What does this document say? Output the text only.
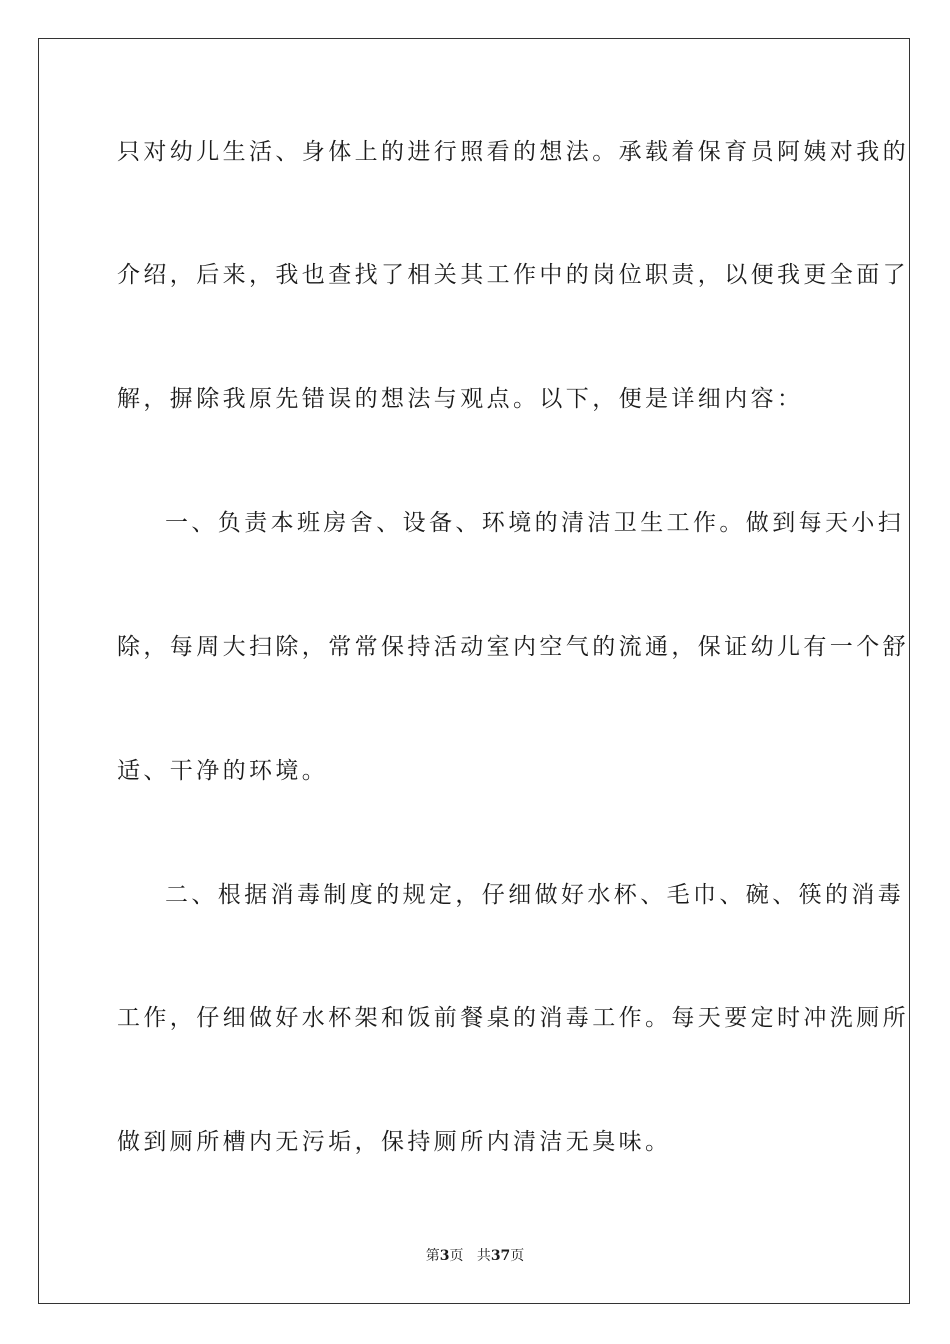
只对幼儿生活、身体上的进行照看的想法。承载着保育员阿姨对我的
介绍，后来，我也查找了相关其工作中的岗位职责，以便我更全面了
解，摒除我原先错误的想法与观点。以下，便是详细内容：
一、负责本班房舍、设备、环境的清洁卫生工作。做到每天小扫
除，每周大扫除，常常保持活动室内空气的流通，保证幼儿有一个舒
适、干净的环境。
二、根据消毒制度的规定，仔细做好水杯、毛巾、碗、筷的消毒
工作，仔细做好水杯架和饭前餐桌的消毒工作。每天要定时冲洗厕所
做到厕所槽内无污垢，保持厕所内清洁无臭味。
第3页 共37页
